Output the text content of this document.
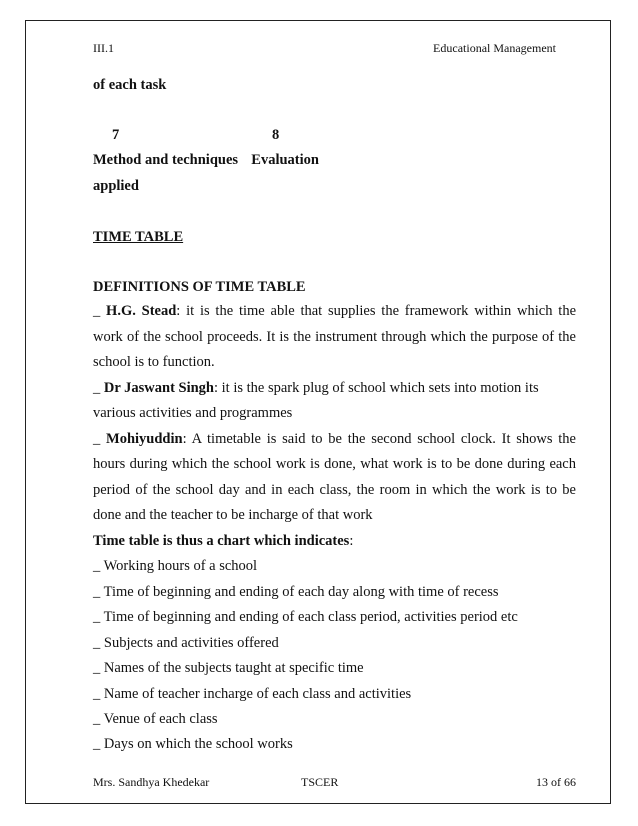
III.1	Educational Management
of each task
7	8
Method and techniques Evaluation
applied
TIME TABLE
DEFINITIONS OF TIME TABLE
_ H.G. Stead: it is the time able that supplies the framework within which the
work of the school proceeds. It is the instrument through which the purpose of the
school is to function.
_ Dr Jaswant Singh: it is the spark plug of school which sets into motion its
various activities and programmes
_ Mohiyuddin: A timetable is said to be the second school clock. It shows the
hours during which the school work is done, what work is to be done during each
period of the school day and in each class, the room in which the work is to be
done and the teacher to be incharge of that work
Time table is thus a chart which indicates:
_ Working hours of a school
_ Time of beginning and ending of each day along with time of recess
_ Time of beginning and ending of each class period, activities period etc
_ Subjects and activities offered
_ Names of the subjects taught at specific time
_ Name of teacher incharge of each class and activities
_ Venue of each class
_ Days on which the school works
Mrs. Sandhya Khedekar	TSCER	13 of 66
